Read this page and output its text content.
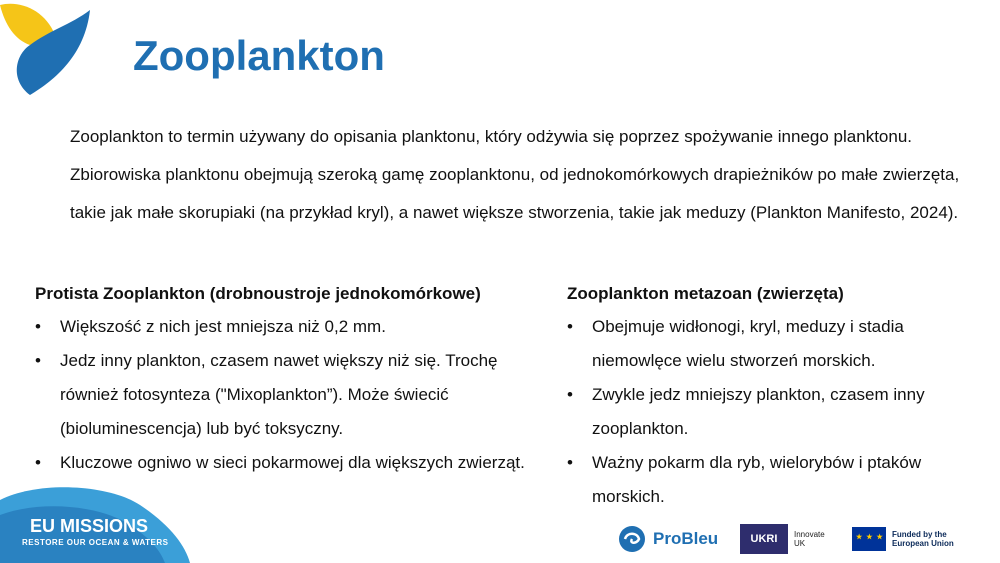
Zooplankton

Zooplankton to termin używany do opisania planktonu, który odżywia się poprzez spożywanie innego planktonu.

Zbiorowiska planktonu obejmują szeroką gamę zooplanktonu, od jednokomórkowych drapieżników po małe zwierzęta, takie jak małe skorupiaki (na przykład kryl), a nawet większe stworzenia, takie jak meduzy (Plankton Manifesto, 2024).

Protista Zooplankton (drobnoustroje jednokomórkowe)
• Większość z nich jest mniejsza niż 0,2 mm.
• Jedz inny plankton, czasem nawet większy niż się. Trochę również fotosynteza ("Mixoplankton”). Może świecić (bioluminescencja) lub być toksyczny.
• Kluczowe ogniwo w sieci pokarmowej dla większych zwierząt.
Zooplankton metazoan (zwierzęta)
• Obejmuje widłonogi, kryl, meduzy i stadia niemowlęce wielu stworzeń morskich.
• Zwykle jedz mniejszy plankton, czasem inny zooplankton.
• Ważny pokarm dla ryb, wielorybów i ptaków morskich.
EU MISSIONS
RESTORE OUR OCEAN & WATERS	ProBleu	UKRI Innovate UK
★ ★ ★
Funded by the European Union
